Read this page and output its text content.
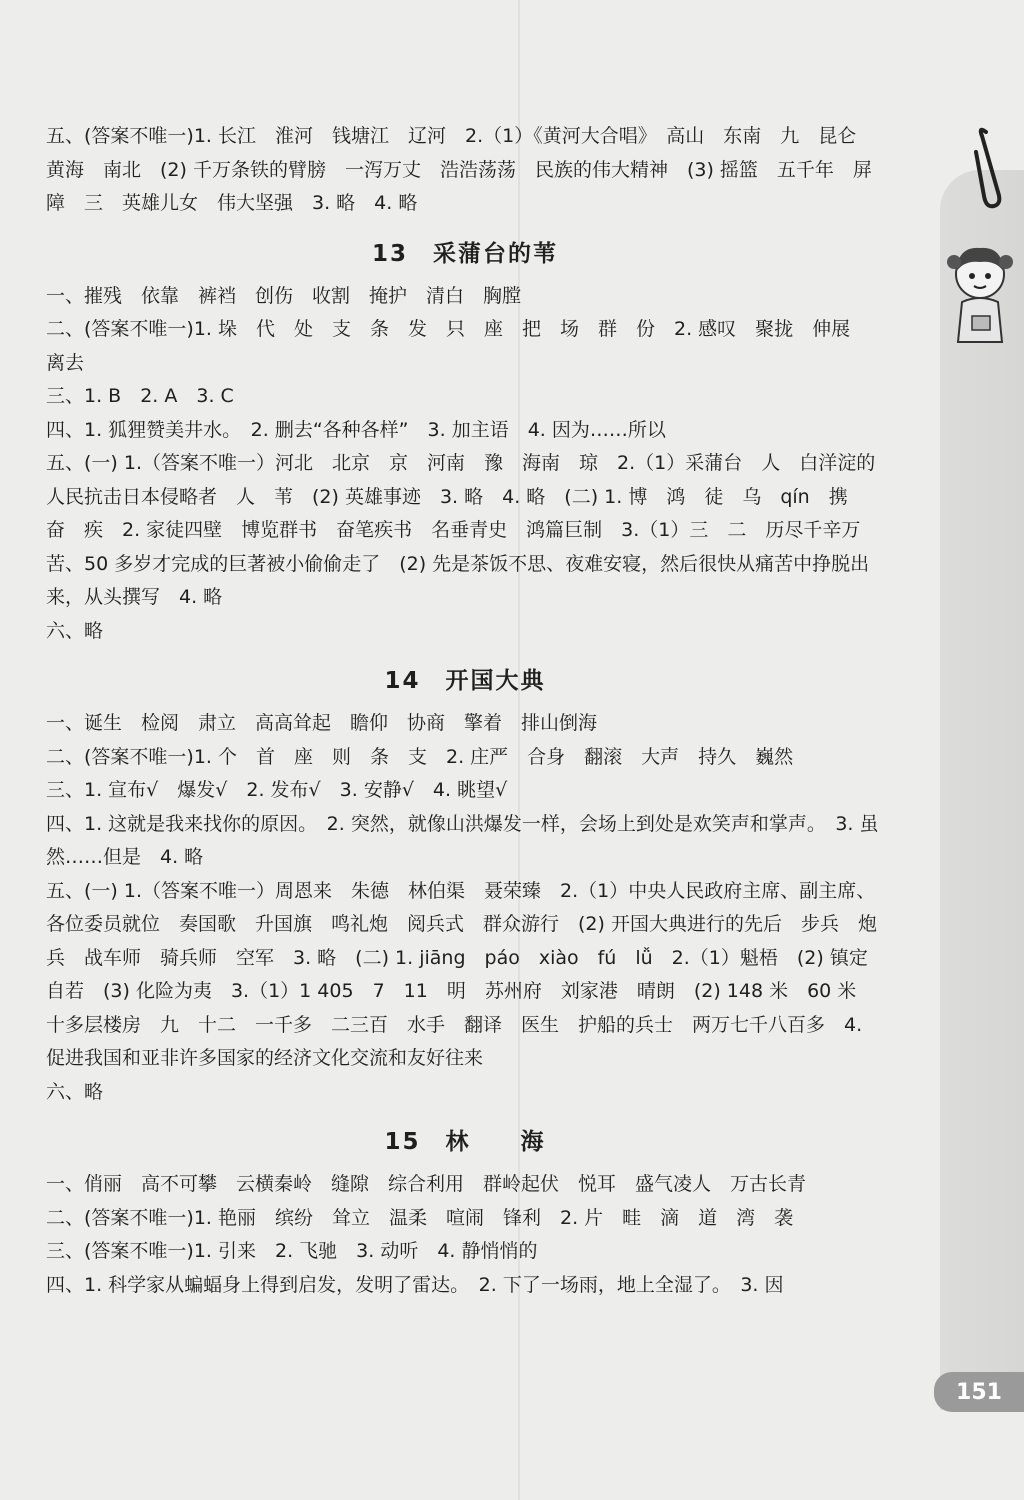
五、(答案不唯一)1. 长江　淮河　钱塘江　辽河　2.（1）《黄河大合唱》　高山　东南　九　昆仑　黄海　南北　(2) 千万条铁的臂膀　一泻万丈　浩浩荡荡　民族的伟大精神　(3) 摇篮　五千年　屏障　三　英雄儿女　伟大坚强　3. 略　4. 略
13　采蒲台的苇
一、摧残　依靠　裤裆　创伤　收割　掩护　清白　胸膛
二、(答案不唯一)1. 垛　代　处　支　条　发　只　座　把　场　群　份　2. 感叹　聚拢　伸展　离去
三、1. B　2. A　3. C
四、1. 狐狸赞美井水。　2. 删去“各种各样”　3. 加主语　4. 因为……所以
五、(一) 1.（答案不唯一）河北　北京　京　河南　豫　海南　琼　2.（1）采蒲台　人　白洋淀的人民抗击日本侵略者　人　苇　(2) 英雄事迹　3. 略　4. 略　(二) 1. 博　鸿　徒　乌　qín　携　奋　疾　2. 家徒四壁　博览群书　奋笔疾书　名垂青史　鸿篇巨制　3.（1）三　二　历尽千辛万苦、50 多岁才完成的巨著被小偷偷走了　(2) 先是茶饭不思、夜难安寝，然后很快从痛苦中挣脱出来，从头撰写　4. 略
六、略
14　开国大典
一、诞生　检阅　肃立　高高耸起　瞻仰　协商　擎着　排山倒海
二、(答案不唯一)1. 个　首　座　则　条　支　2. 庄严　合身　翻滚　大声　持久　巍然
三、1. 宣布√　爆发√　2. 发布√　3. 安静√　4. 眺望√
四、1. 这就是我来找你的原因。　2. 突然，就像山洪爆发一样，会场上到处是欢笑声和掌声。　3. 虽然……但是　4. 略
五、(一) 1.（答案不唯一）周恩来　朱德　林伯渠　聂荣臻　2.（1）中央人民政府主席、副主席、各位委员就位　奏国歌　升国旗　鸣礼炮　阅兵式　群众游行　(2) 开国大典进行的先后　步兵　炮兵　战车师　骑兵师　空军　3. 略　(二) 1. jiāng　páo　xiào　fú　lǚ　2.（1）魁梧　(2) 镇定自若　(3) 化险为夷　3.（1）1 405　7　11　明　苏州府　刘家港　晴朗　(2) 148 米　60 米　十多层楼房　九　十二　一千多　二三百　水手　翻译　医生　护船的兵士　两万七千八百多　4. 促进我国和亚非许多国家的经济文化交流和友好往来
六、略
15　林　　海
一、俏丽　高不可攀　云横秦岭　缝隙　综合利用　群岭起伏　悦耳　盛气凌人　万古长青
二、(答案不唯一)1. 艳丽　缤纷　耸立　温柔　喧闹　锋利　2. 片　畦　滴　道　湾　袭
三、(答案不唯一)1. 引来　2. 飞驰　3. 动听　4. 静悄悄的
四、1. 科学家从蝙蝠身上得到启发，发明了雷达。　2. 下了一场雨，地上全湿了。　3. 因
151
